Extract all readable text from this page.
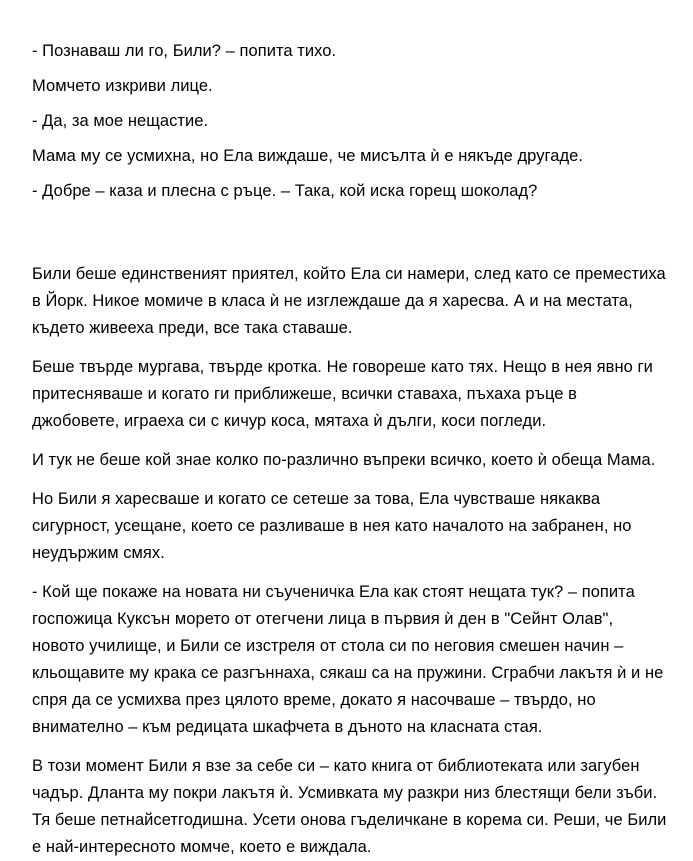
- Познаваш ли го, Били? – попита тихо.

Момчето изкриви лице.

- Да, за мое нещастие.

Мама му се усмихна, но Ела виждаше, че мисълта ѝ е някъде другаде.

- Добре – каза и плесна с ръце. – Така, кой иска горещ шоколад?

Били беше единственият приятел, който Ела си намери, след като се преместиха
в Йорк. Никое момиче в класа ѝ не изглеждаше да я харесва. А и на местата,
където живееха преди, все така ставаше.

Беше твърде мургава, твърде кротка. Не говореше като тях. Нещо в нея явно ги
притесняваше и когато ги приближеше, всички ставаха, пъхаха ръце в
джобовете, играеха си с кичур коса, мятаха ѝ дълги, коси погледи.

И тук не беше кой знае колко по-различно въпреки всичко, което ѝ обеща Мама.

Но Били я харесваше и когато се сетеше за това, Ела чувстваше някаква
сигурност, усещане, което се разливаше в нея като началото на забранен, но
неудържим смях.

- Кой ще покаже на новата ни съученичка Ела как стоят нещата тук? – попита
госпожица Куксън морето от отегчени лица в първия ѝ ден в "Сейнт Олав",
новото училище, и Били се изстреля от стола си по неговия смешен начин –
кльощавите му крака се разгъннаха, сякаш са на пружини. Сграбчи лакътя ѝ и не
спря да се усмихва през цялото време, докато я насочваше – твърдо, но
внимателно – към редицата шкафчета в дъното на класната стая.

В този момент Били я взе за себе си – като книга от библиотеката или загубен
чадър. Дланта му покри лакътя ѝ. Усмивката му разкри низ блестящи бели зъби.
Тя беше петнайсетгодишна. Усети онова гъделичкане в корема си. Реши, че Били
е най-интересното момче, което е виждала.
